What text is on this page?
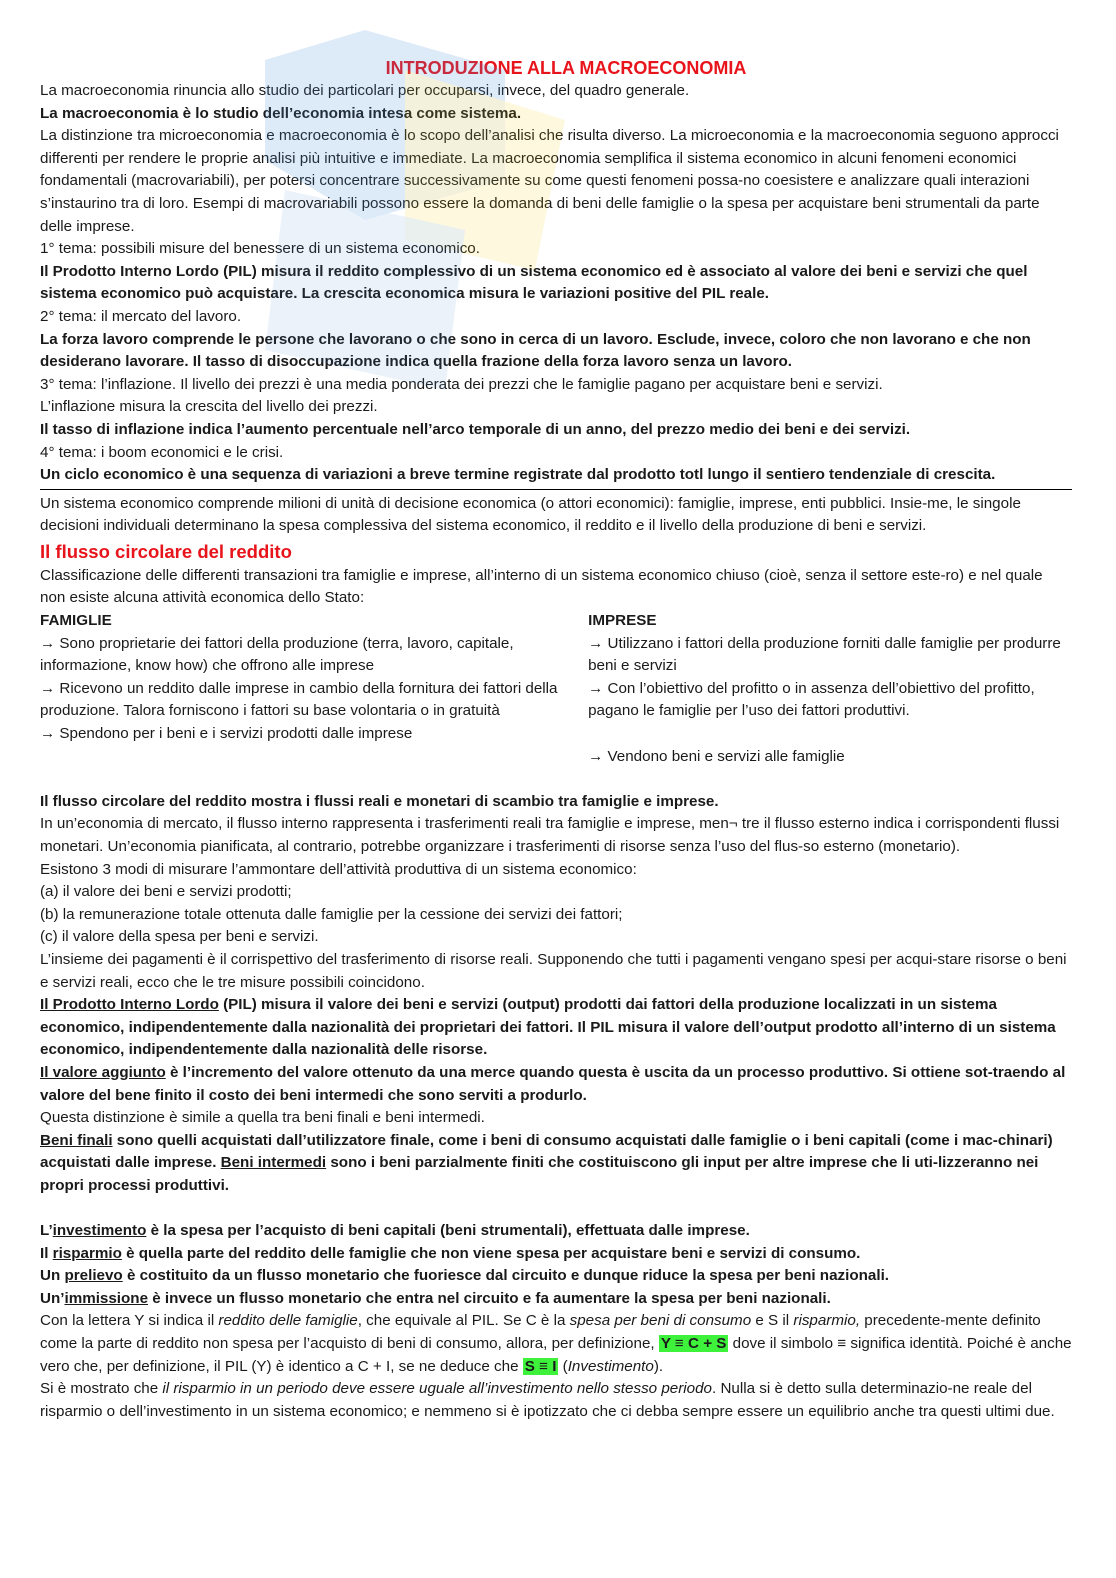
INTRODUZIONE ALLA MACROECONOMIA

La macroeconomia rinuncia allo studio dei particolari per occuparsi, invece, del quadro generale.

La macroeconomia è lo studio dell’economia intesa come sistema.

La distinzione tra microeconomia e macroeconomia è lo scopo dell’analisi che risulta diverso. La microeconomia e la macroeconomia seguono approcci differenti per rendere le proprie analisi più intuitive e immediate. La macroeconomia semplifica il sistema economico in alcuni fenomeni economici fondamentali (macrovariabili), per potersi concentrare successivamente su come questi fenomeni possa-no coesistere e analizzare quali interazioni s’instaurino tra di loro. Esempi di macrovariabili possono essere la domanda di beni delle famiglie o la spesa per acquistare beni strumentali da parte delle imprese.

1° tema: possibili misure del benessere di un sistema economico.

Il Prodotto Interno Lordo (PIL) misura il reddito complessivo di un sistema economico ed è associato al valore dei beni e servizi che quel sistema economico può acquistare. La crescita economica misura le variazioni positive del PIL reale.

2° tema: il mercato del lavoro.

La forza lavoro comprende le persone che lavorano o che sono in cerca di un lavoro. Esclude, invece, coloro che non lavorano e che non desiderano lavorare. Il tasso di disoccupazione indica quella frazione della forza lavoro senza un lavoro.

3° tema: l’inflazione. Il livello dei prezzi è una media ponderata dei prezzi che le famiglie pagano per acquistare beni e servizi.

L’inflazione misura la crescita del livello dei prezzi.

Il tasso di inflazione indica l’aumento percentuale nell’arco temporale di un anno, del prezzo medio dei beni e dei servizi.

4° tema: i boom economici e le crisi.

Un ciclo economico è una sequenza di variazioni a breve termine registrate dal prodotto totl lungo il sentiero tendenziale di crescita.

Un sistema economico comprende milioni di unità di decisione economica (o attori economici): famiglie, imprese, enti pubblici. Insie-me, le singole decisioni individuali determinano la spesa complessiva del sistema economico, il reddito e il livello della produzione di beni e servizi.

Il flusso circolare del reddito

Classificazione delle differenti transazioni tra famiglie e imprese, all’interno di un sistema economico chiuso (cioè, senza il settore este-ro) e nel quale non esiste alcuna attività economica dello Stato:

FAMIGLIE

→ Sono proprietarie dei fattori della produzione (terra, lavoro, capitale, informazione, know how) che offrono alle imprese

→ Ricevono un reddito dalle imprese in cambio della fornitura dei fattori della produzione. Talora forniscono i fattori su base volontaria o in gratuità

→ Spendono per i beni e i servizi prodotti dalle imprese

IMPRESE

→ Utilizzano i fattori della produzione forniti dalle famiglie per produrre beni e servizi

→ Con l’obiettivo del profitto o in assenza dell’obiettivo del profitto, pagano le famiglie per l’uso dei fattori produttivi.

→ Vendono beni e servizi alle famiglie

Il flusso circolare del reddito mostra i flussi reali e monetari di scambio tra famiglie e imprese.

In un’economia di mercato, il flusso interno rappresenta i trasferimenti reali tra famiglie e imprese, men¬ tre il flusso esterno indica i corrispondenti flussi monetari. Un’economia pianificata, al contrario, potrebbe organizzare i trasferimenti di risorse senza l’uso del flus-so esterno (monetario).

Esistono 3 modi di misurare l’ammontare dell’attività produttiva di un sistema economico:

(a) il valore dei beni e servizi prodotti;

(b) la remunerazione totale ottenuta dalle famiglie per la cessione dei servizi dei fattori;

(c) il valore della spesa per beni e servizi.

L’insieme dei pagamenti è il corrispettivo del trasferimento di risorse reali. Supponendo che tutti i pagamenti vengano spesi per acqui-stare risorse o beni e servizi reali, ecco che le tre misure possibili coincidono.

Il Prodotto Interno Lordo (PIL) misura il valore dei beni e servizi (output) prodotti dai fattori della produzione localizzati in un sistema economico, indipendentemente dalla nazionalità dei proprietari dei fattori. Il PIL misura il valore dell’output prodotto all’interno di un sistema economico, indipendentemente dalla nazionalità delle risorse.

Il valore aggiunto è l’incremento del valore ottenuto da una merce quando questa è uscita da un processo produttivo. Si ottiene sot-traendo al valore del bene finito il costo dei beni intermedi che sono serviti a produrlo.

Questa distinzione è simile a quella tra beni finali e beni intermedi.

Beni finali sono quelli acquistati dall’utilizzatore finale, come i beni di consumo acquistati dalle famiglie o i beni capitali (come i mac-chinari) acquistati dalle imprese. Beni intermedi sono i beni parzialmente finiti che costituiscono gli input per altre imprese che li uti-lizzeranno nei propri processi produttivi.

L’investimento è la spesa per l’acquisto di beni capitali (beni strumentali), effettuata dalle imprese.

Il risparmio è quella parte del reddito delle famiglie che non viene spesa per acquistare beni e servizi di consumo.

Un prelievo è costituito da un flusso monetario che fuoriesce dal circuito e dunque riduce la spesa per beni nazionali.

Un’immissione è invece un flusso monetario che entra nel circuito e fa aumentare la spesa per beni nazionali.

Con la lettera Y si indica il reddito delle famiglie, che equivale al PIL. Se C è la spesa per beni di consumo e S il risparmio, precedente-mente definito come la parte di reddito non spesa per l’acquisto di beni di consumo, allora, per definizione, Y ≡ C + S dove il simbolo ≡ significa identità. Poiché è anche vero che, per definizione, il PIL (Y) è identico a C + I, se ne deduce che S ≡ I (Investimento).

Si è mostrato che il risparmio in un periodo deve essere uguale all’investimento nello stesso periodo. Nulla si è detto sulla determinazio-ne reale del risparmio o dell’investimento in un sistema economico; e nemmeno si è ipotizzato che ci debba sempre essere un equilibrio anche tra questi ultimi due.
